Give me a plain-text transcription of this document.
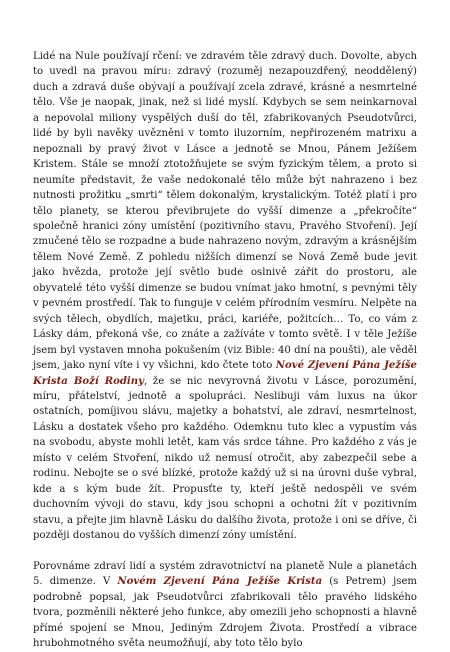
Lidé na Nule používají rčení: ve zdravém těle zdravý duch. Dovolte, abych to uvedl na pravou míru: zdravý (rozuměj nezapouzdřený, neoddělený) duch a zdravá duše obývají a používají zcela zdravé, krásné a nesmrtelné tělo. Vše je naopak, jinak, než si lidé myslí. Kdybych se sem neinkarnoval a nepovolal miliony vyspělých duší do těl, zfabrikovaných Pseudotvůrci, lidé by byli navěky uvězněni v tomto iluzorním, nepřirozeném matrixu a nepoznali by pravý život v Lásce a jednotě se Mnou, Pánem Ježíšem Kristem. Stále se množí ztotožňujete se svým fyzickým tělem, a proto si neumíte představit, že vaše nedokonalé tělo může být nahrazeno i bez nutnosti prožitku „smrti“ tělem dokonalým, krystalickým. Totéž platí i pro tělo planety, se kterou převibrujete do vyšší dimenze a „překročíte“ společně hranici zóny umístění (pozitivního stavu, Pravého Stvoření). Její zmučené tělo se rozpadne a bude nahrazeno novým, zdravým a krásnějším tělem Nové Země. Z pohledu nižších dimenzí se Nová Země bude jevit jako hvězda, protože její světlo bude oslnivě zářit do prostoru, ale obyvatelé této vyšší dimenze se budou vnímat jako hmotní, s pevnými těly v pevném prostředí. Tak to funguje v celém přírodním vesmíru. Nelpěte na svých tělech, obydlích, majetku, práci, kariéře, požitcích… To, co vám z Lásky dám, překoná vše, co znáte a zažíváte v tomto světě. I v těle Ježíše jsem byl vystaven mnoha pokušením (viz Bible: 40 dní na poušti), ale věděl jsem, jako nyní víte i vy všichni, kdo čtete toto Nové Zjevení Pána Ježíše Krista Boží Rodiny, že se nic nevyrovná životu v Lásce, porozumění, míru, přátelství, jednotě a spolupráci. Neslibuji vám luxus na úkor ostatních, pomíjivou slávu, majetky a bohatství, ale zdraví, nesmrtelnost, Lásku a dostatek všeho pro každého. Odemknu tuto klec a vypustím vás na svobodu, abyste mohli letět, kam vás srdce táhne. Pro každého z vás je místo v celém Stvoření, nikdo už nemusí otročit, aby zabezpečil sebe a rodinu. Nebojte se o své blízké, protože každý už si na úrovni duše vybral, kde a s kým bude žít. Propusťte ty, kteří ještě nedospěli ve svém duchovním vývoji do stavu, kdy jsou schopni a ochotni žít v pozitivním stavu, a přejte jim hlavně Lásku do dalšího života, protože i oni se dříve, či později dostanou do vyšších dimenzí zóny umístění.

Porovnáme zdraví lidí a systém zdravotnictví na planetě Nule a planetách 5. dimenze. V Novém Zjevení Pána Ježíše Krista (s Petrem) jsem podrobně popsal, jak Pseudotvůrci zfabrikovali tělo pravého lidského tvora, pozměnili některé jeho funkce, aby omezili jeho schopnosti a hlavně přímé spojení se Mnou, Jediným Zdrojem Života. Prostředí a vibrace hrubohmotného světa neumožňují, aby toto tělo bylo
